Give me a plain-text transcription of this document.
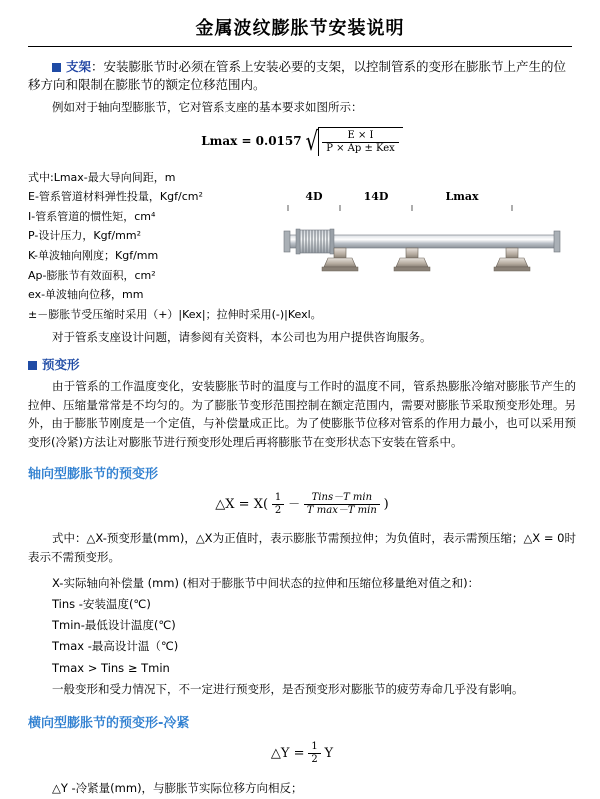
金属波纹膨胀节安装说明
支架：安装膨胀节时必须在管系上安装必要的支架，以控制管系的变形在膨胀节上产生的位移方向和限制在膨胀节的额定位移范围内。

例如对于轴向型膨胀节，它对管系支座的基本要求如图所示：

Lmax = 0.0157 √ $\frac{E \times I}{\text{P × Ap ± Kex}}$
式中:Lmax-最大导向间距，m
E-管系管道材料弹性投量，Kgf/cm²
I-管系管道的惯性矩，cm⁴
P-设计压力，Kgf/mm²
K-单波轴向刚度；Kgf/mm
Ap-膨胀节有效面积，cm²
ex-单波轴向位移，mm
±－膨胀节受压缩时采用（+）|Kex|；拉伸时采用(-)|Kexl。
4D	14D	Lmax

对于管系支座设计问题，请参阅有关资料，本公司也为用户提供咨询服务。

预变形

由于管系的工作温度变化，安装膨胀节时的温度与工作时的温度不同，管系热膨胀冷缩对膨胀节产生的拉伸、压缩量常常是不均匀的。为了膨胀节变形范围控制在额定范围内，需要对膨胀节采取预变形处理。另外，由于膨胀节刚度是一个定值，与补偿量成正比。为了使膨胀节位移对管系的作用力最小，也可以采用预变形(冷紧)方法让对膨胀节进行预变形处理后再将膨胀节在变形状态下安装在管系中。

轴向型膨胀节的预变形
△X = $X( \frac{1}{2} - \frac{\text{Tins－T min}}{\text{T max－T min}}$ )

式中：△X-预变形量(mm)，△X为正值时，表示膨胀节需预拉伸；为负值时，表示需预压缩；△X = 0时表示不需预变形。

X-实际轴向补偿量 (mm) (相对于膨胀节中间状态的拉伸和压缩位移量绝对值之和)：
Tins -安装温度(℃)
Tmin-最低设计温度(℃)
Tmax -最高设计温（℃)
Tmax > Tins ≥ Tmin
一般变形和受力情况下，不一定进行预变形，是否预变形对膨胀节的疲劳寿命几乎没有影响。
横向型膨胀节的预变形-冷紧
△Y = $\frac{1}{2}$ Y
△Y -冷紧量(mm)，与膨胀节实际位移方向相反；
